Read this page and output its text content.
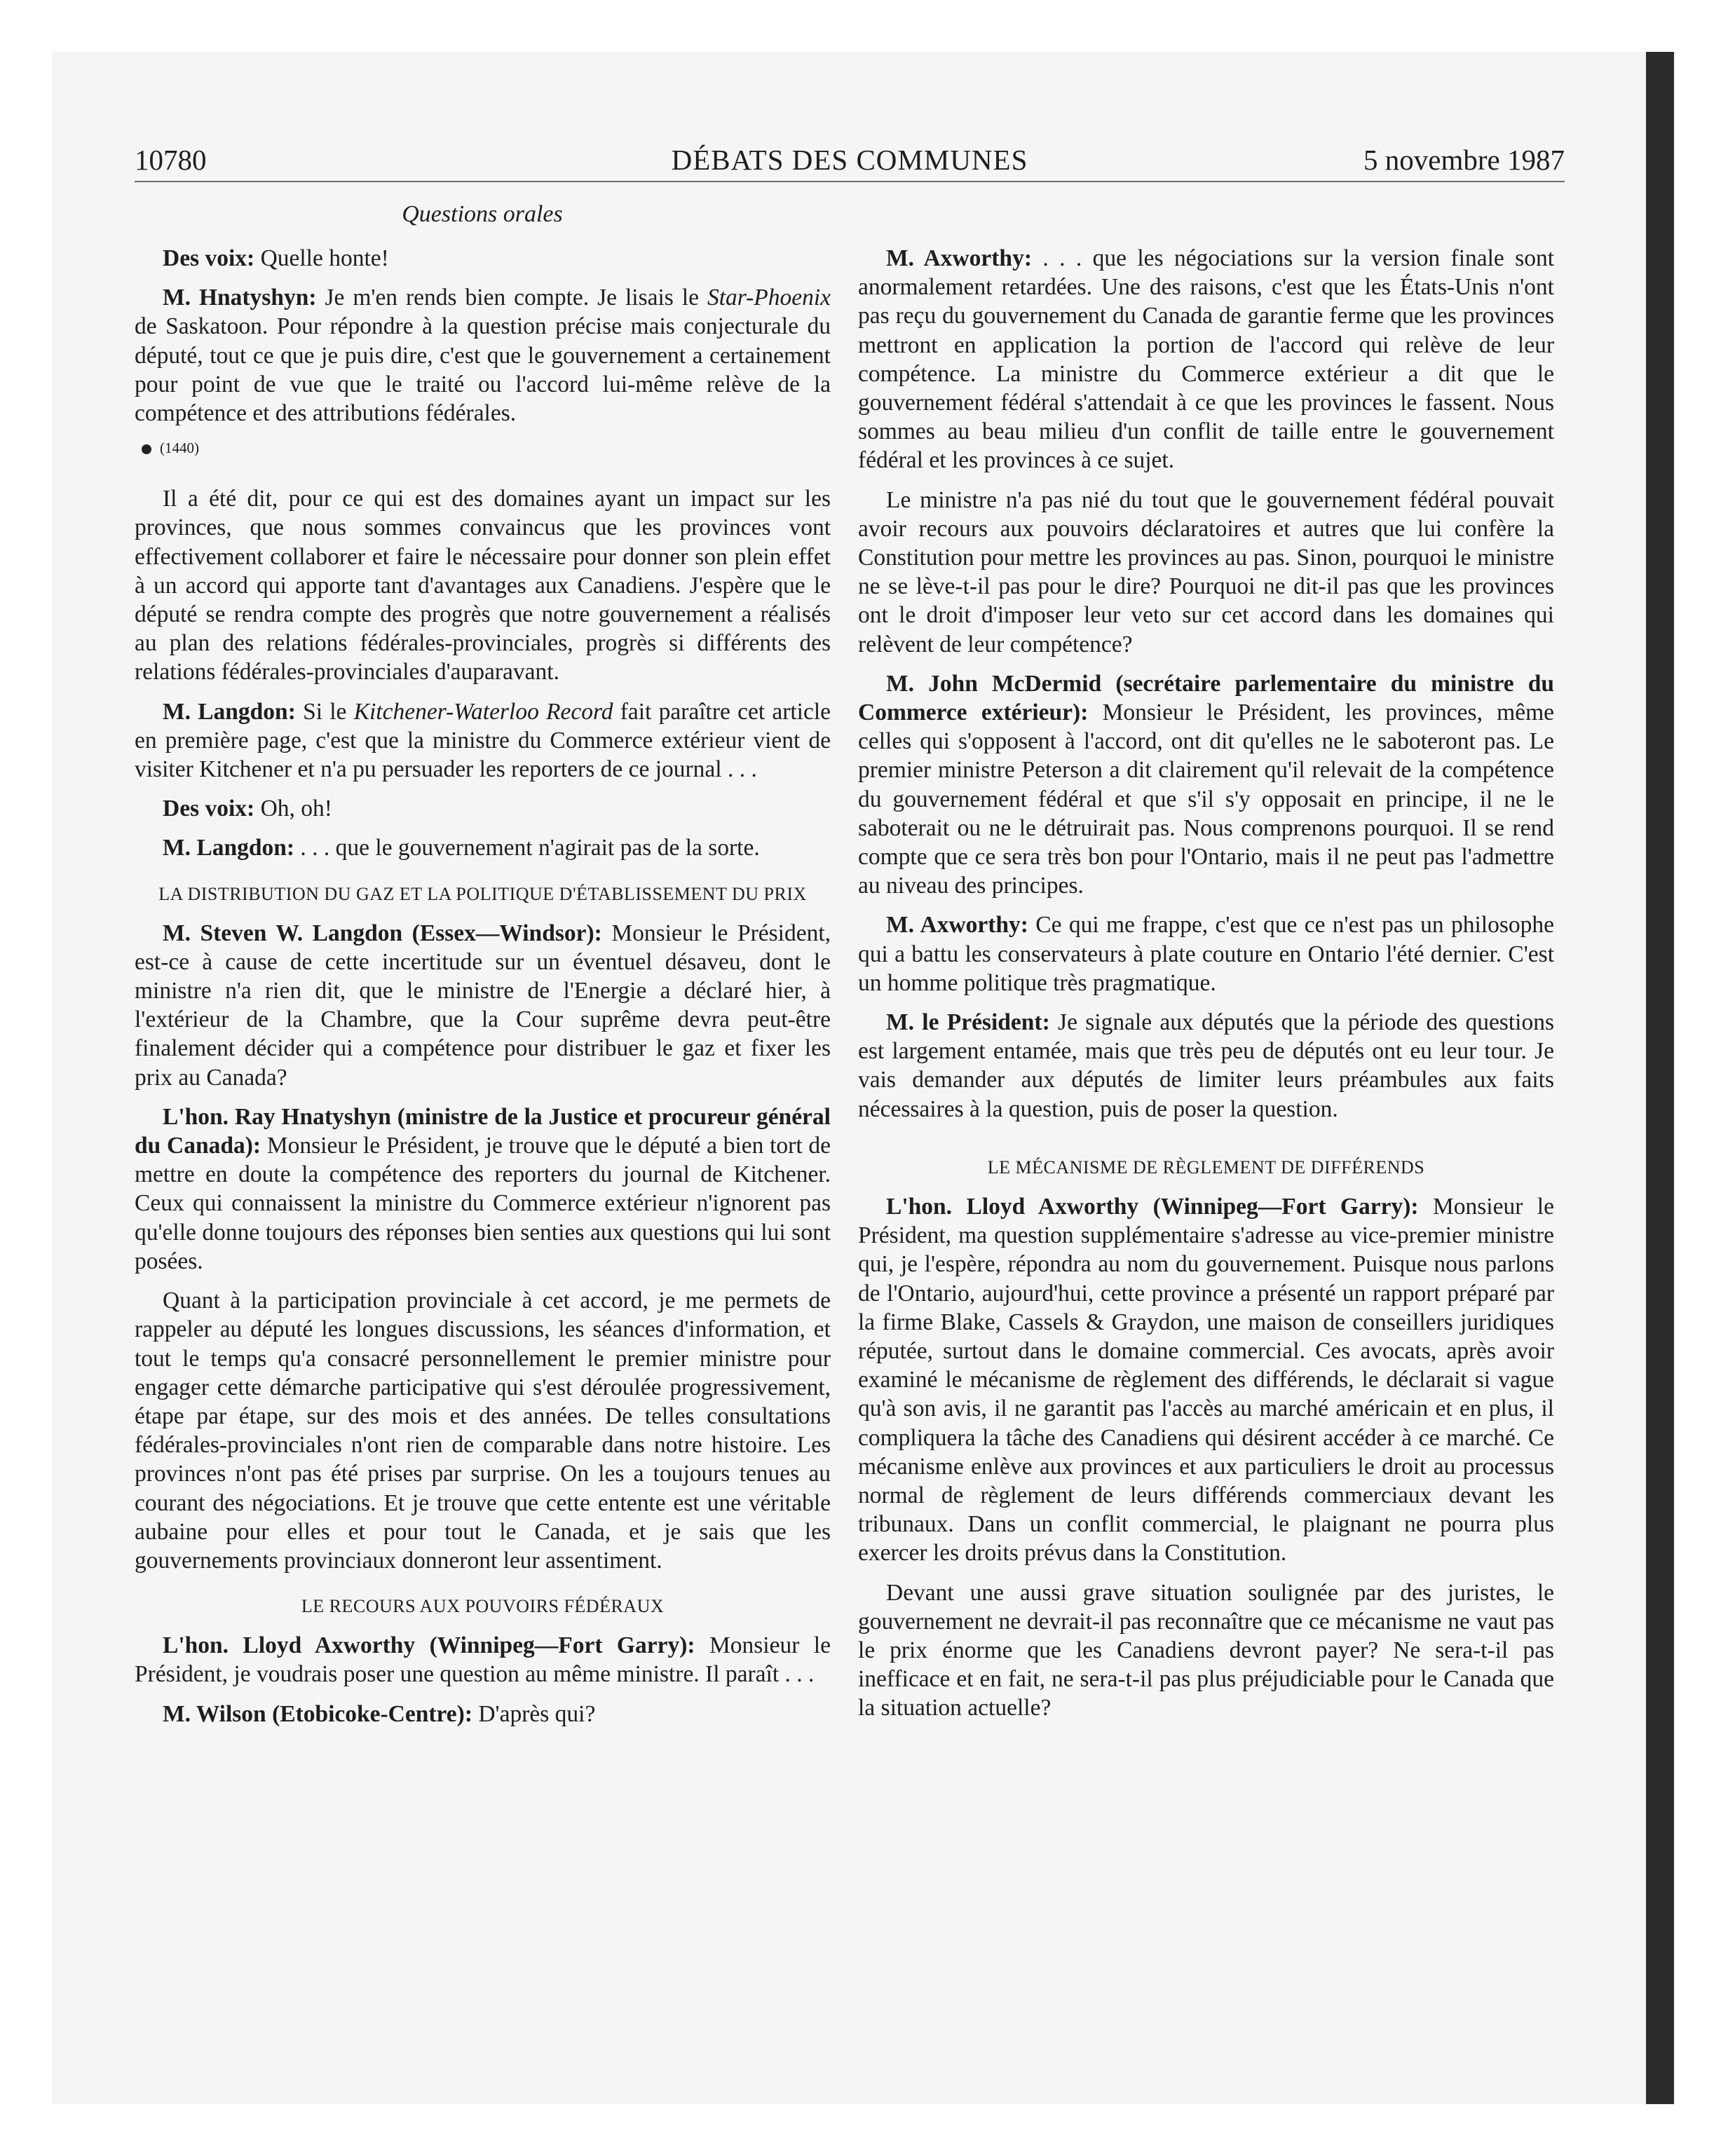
10780	DÉBATS DES COMMUNES	5 novembre 1987
Questions orales

Des voix: Quelle honte!

M. Hnatyshyn: Je m'en rends bien compte. Je lisais le Star-Phoenix de Saskatoon. Pour répondre à la question précise mais conjecturale du député, tout ce que je puis dire, c'est que le gouvernement a certainement pour point de vue que le traité ou l'accord lui-même relève de la compétence et des attributions fédérales.

(1440)

Il a été dit, pour ce qui est des domaines ayant un impact sur les provinces, que nous sommes convaincus que les provinces vont effectivement collaborer et faire le nécessaire pour donner son plein effet à un accord qui apporte tant d'avantages aux Canadiens. J'espère que le député se rendra compte des progrès que notre gouvernement a réalisés au plan des relations fédérales-provinciales, progrès si différents des relations fédérales-provinciales d'auparavant.

M. Langdon: Si le Kitchener-Waterloo Record fait paraître cet article en première page, c'est que la ministre du Commerce extérieur vient de visiter Kitchener et n'a pu persuader les reporters de ce journal . . .

Des voix: Oh, oh!

M. Langdon: . . . que le gouvernement n'agirait pas de la sorte.

LA DISTRIBUTION DU GAZ ET LA POLITIQUE D'ÉTABLISSEMENT DU PRIX

M. Steven W. Langdon (Essex—Windsor): Monsieur le Président, est-ce à cause de cette incertitude sur un éventuel désaveu, dont le ministre n'a rien dit, que le ministre de l'Energie a déclaré hier, à l'extérieur de la Chambre, que la Cour suprême devra peut-être finalement décider qui a compétence pour distribuer le gaz et fixer les prix au Canada?

L'hon. Ray Hnatyshyn (ministre de la Justice et procureur général du Canada): Monsieur le Président, je trouve que le député a bien tort de mettre en doute la compétence des reporters du journal de Kitchener. Ceux qui connaissent la ministre du Commerce extérieur n'ignorent pas qu'elle donne toujours des réponses bien senties aux questions qui lui sont posées.

Quant à la participation provinciale à cet accord, je me permets de rappeler au député les longues discussions, les séances d'information, et tout le temps qu'a consacré personnellement le premier ministre pour engager cette démarche participative qui s'est déroulée progressivement, étape par étape, sur des mois et des années. De telles consultations fédérales-provinciales n'ont rien de comparable dans notre histoire. Les provinces n'ont pas été prises par surprise. On les a toujours tenues au courant des négociations. Et je trouve que cette entente est une véritable aubaine pour elles et pour tout le Canada, et je sais que les gouvernements provinciaux donneront leur assentiment.

LE RECOURS AUX POUVOIRS FÉDÉRAUX

L'hon. Lloyd Axworthy (Winnipeg—Fort Garry): Monsieur le Président, je voudrais poser une question au même ministre. Il paraît . . .

M. Wilson (Etobicoke-Centre): D'après qui?

M. Axworthy: . . . que les négociations sur la version finale sont anormalement retardées. Une des raisons, c'est que les États-Unis n'ont pas reçu du gouvernement du Canada de garantie ferme que les provinces mettront en application la portion de l'accord qui relève de leur compétence. La ministre du Commerce extérieur a dit que le gouvernement fédéral s'attendait à ce que les provinces le fassent. Nous sommes au beau milieu d'un conflit de taille entre le gouvernement fédéral et les provinces à ce sujet.

Le ministre n'a pas nié du tout que le gouvernement fédéral pouvait avoir recours aux pouvoirs déclaratoires et autres que lui confère la Constitution pour mettre les provinces au pas. Sinon, pourquoi le ministre ne se lève-t-il pas pour le dire? Pourquoi ne dit-il pas que les provinces ont le droit d'imposer leur veto sur cet accord dans les domaines qui relèvent de leur compétence?

M. John McDermid (secrétaire parlementaire du ministre du Commerce extérieur): Monsieur le Président, les provinces, même celles qui s'opposent à l'accord, ont dit qu'elles ne le saboteront pas. Le premier ministre Peterson a dit clairement qu'il relevait de la compétence du gouvernement fédéral et que s'il s'y opposait en principe, il ne le saboterait ou ne le détruirait pas. Nous comprenons pourquoi. Il se rend compte que ce sera très bon pour l'Ontario, mais il ne peut pas l'admettre au niveau des principes.

M. Axworthy: Ce qui me frappe, c'est que ce n'est pas un philosophe qui a battu les conservateurs à plate couture en Ontario l'été dernier. C'est un homme politique très pragmatique.

M. le Président: Je signale aux députés que la période des questions est largement entamée, mais que très peu de députés ont eu leur tour. Je vais demander aux députés de limiter leurs préambules aux faits nécessaires à la question, puis de poser la question.

LE MÉCANISME DE RÈGLEMENT DE DIFFÉRENDS

L'hon. Lloyd Axworthy (Winnipeg—Fort Garry): Monsieur le Président, ma question supplémentaire s'adresse au vice-premier ministre qui, je l'espère, répondra au nom du gouvernement. Puisque nous parlons de l'Ontario, aujourd'hui, cette province a présenté un rapport préparé par la firme Blake, Cassels & Graydon, une maison de conseillers juridiques réputée, surtout dans le domaine commercial. Ces avocats, après avoir examiné le mécanisme de règlement des différends, le déclarait si vague qu'à son avis, il ne garantit pas l'accès au marché américain et en plus, il compliquera la tâche des Canadiens qui désirent accéder à ce marché. Ce mécanisme enlève aux provinces et aux particuliers le droit au processus normal de règlement de leurs différends commerciaux devant les tribunaux. Dans un conflit commercial, le plaignant ne pourra plus exercer les droits prévus dans la Constitution.

Devant une aussi grave situation soulignée par des juristes, le gouvernement ne devrait-il pas reconnaître que ce mécanisme ne vaut pas le prix énorme que les Canadiens devront payer? Ne sera-t-il pas inefficace et en fait, ne sera-t-il pas plus préjudiciable pour le Canada que la situation actuelle?
